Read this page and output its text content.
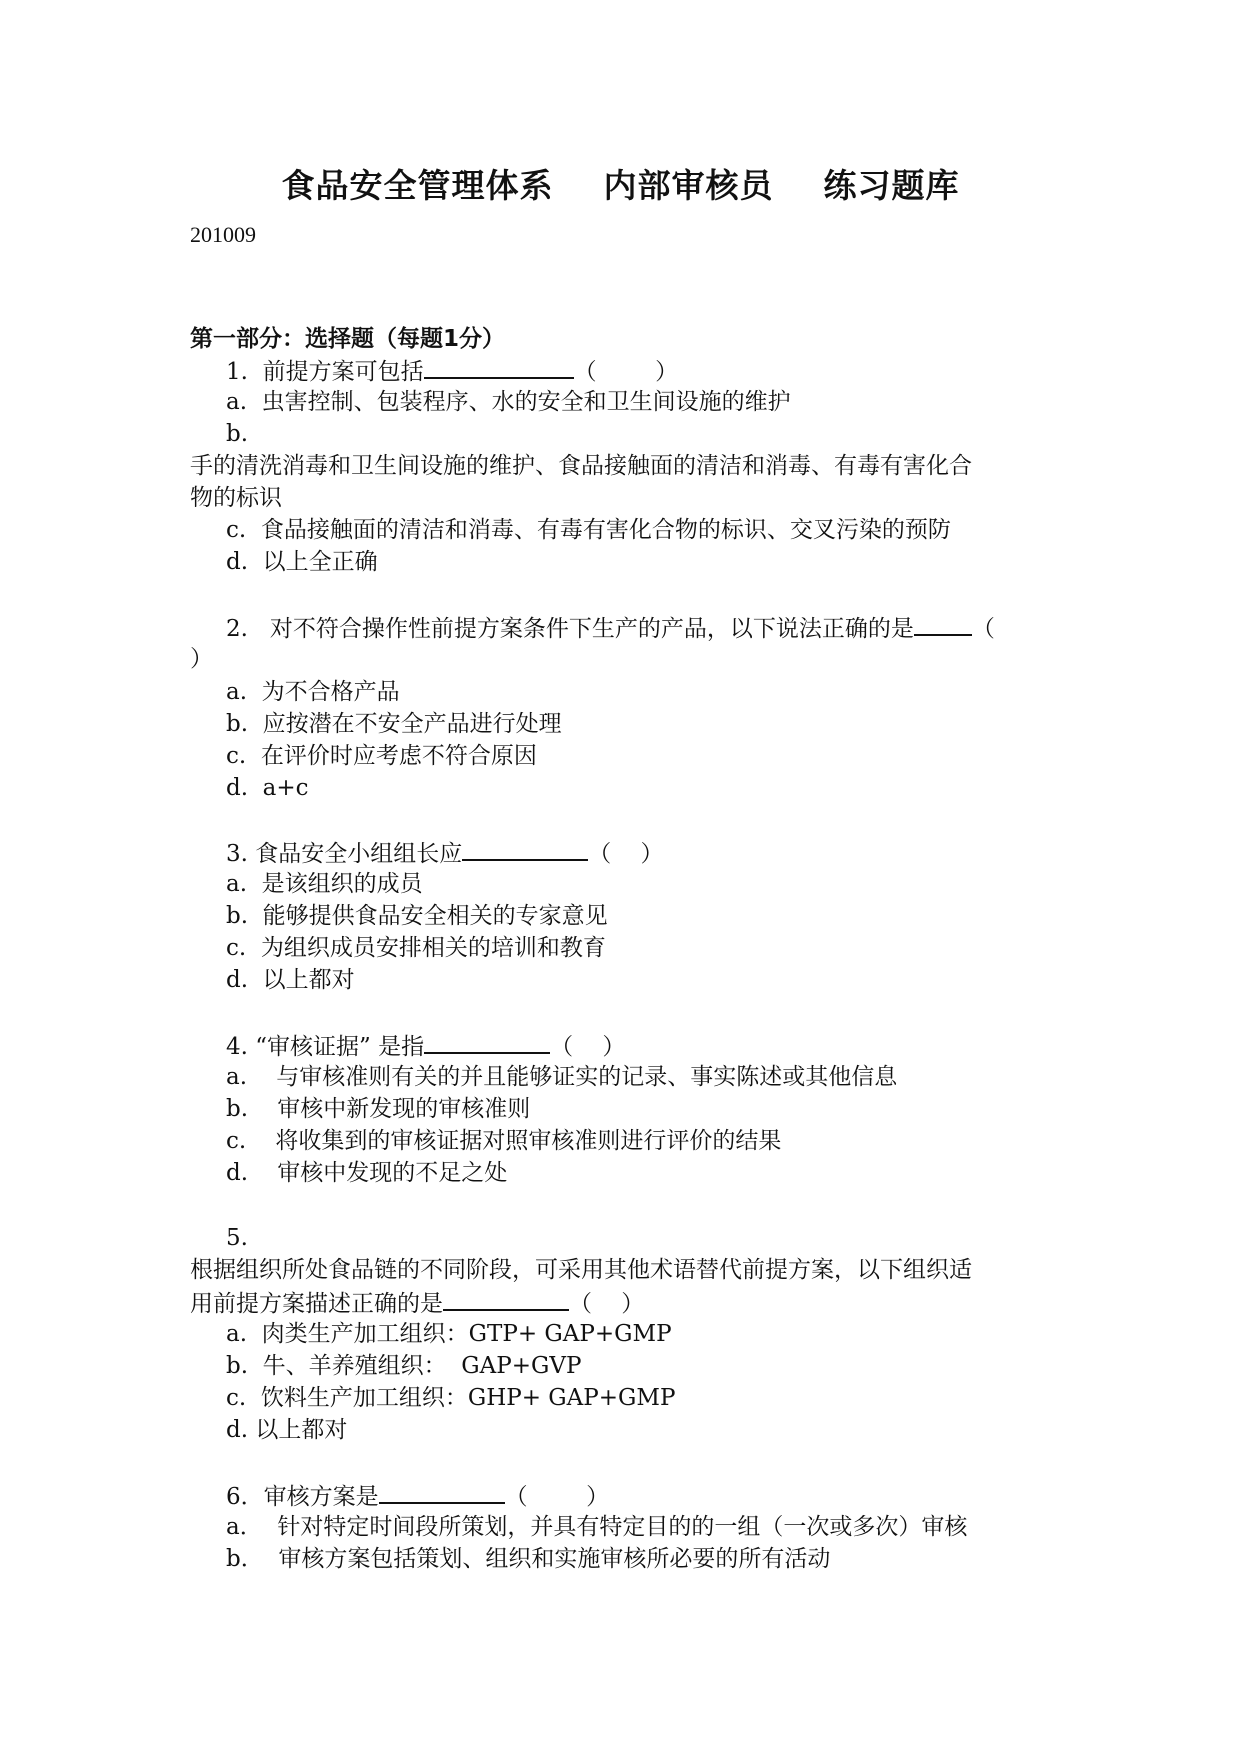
食品安全管理体系    内部审核员    练习题库
201009
第一部分：选择题（每题1分）
1.  前提方案可包括	（        ）
a.  虫害控制、包装程序、水的安全和卫生间设施的维护
b.
手的清洗消毒和卫生间设施的维护、食品接触面的清洁和消毒、有毒有害化合
物的标识
c.  食品接触面的清洁和消毒、有毒有害化合物的标识、交叉污染的预防
d.  以上全正确
2.   对不符合操作性前提方案条件下生产的产品，以下说法正确的是	（
）
a.  为不合格产品
b.  应按潜在不安全产品进行处理
c.  在评价时应考虑不符合原因
d.  a+c
3. 食品安全小组组长应	（    ）
a.  是该组织的成员
b.  能够提供食品安全相关的专家意见
c.  为组织成员安排相关的培训和教育
d.  以上都对
4. “审核证据” 是指	（    ）
a.    与审核准则有关的并且能够证实的记录、事实陈述或其他信息
b.    审核中新发现的审核准则
c.    将收集到的审核证据对照审核准则进行评价的结果
d.    审核中发现的不足之处
5.
根据组织所处食品链的不同阶段，可采用其他术语替代前提方案，以下组织适
用前提方案描述正确的是	（    ）
a.  肉类生产加工组织：GTP+ GAP+GMP
b.  牛、羊养殖组织：  GAP+GVP
c.  饮料生产加工组织：GHP+ GAP+GMP
d. 以上都对
6．审核方案是	（        ）
a．  针对特定时间段所策划，并具有特定目的的一组（一次或多次）审核
b．  审核方案包括策划、组织和实施审核所必要的所有活动
